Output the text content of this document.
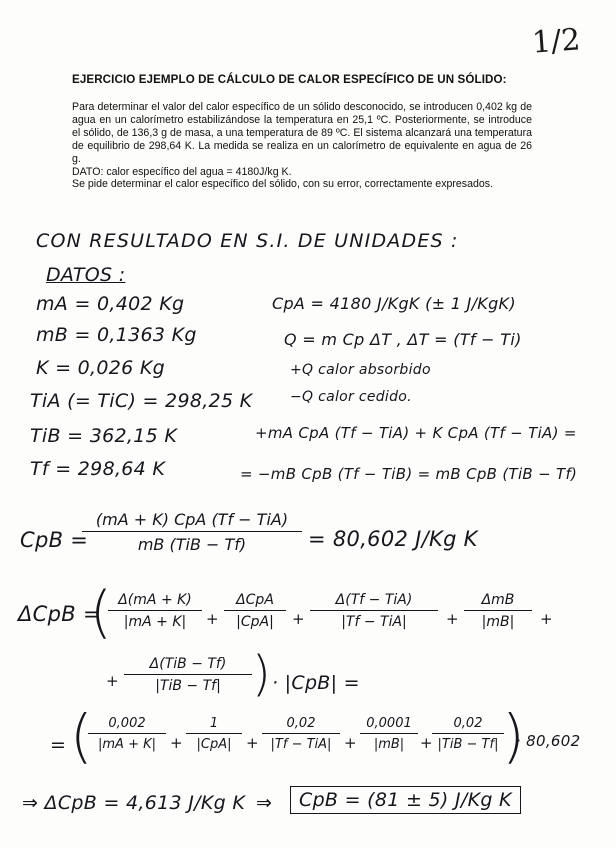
1/2
EJERCICIO EJEMPLO DE CÁLCULO DE CALOR ESPECÍFICO DE UN SÓLIDO:

Para determinar el valor del calor específico de un sólido desconocido, se introducen 0,402 kg de agua en un calorímetro estabilizándose la temperatura en 25,1 ºC. Posteriormente, se introduce el sólido, de 136,3 g de masa, a una temperatura de 89 ºC. El sistema alcanzará una temperatura de equilibrio de 298,64 K. La medida se realiza en un calorímetro de equivalente en agua de 26 g.

DATO: calor específico del agua = 4180J/kg K.

Se pide determinar el calor específico del sólido, con su error, correctamente expresados.

CON RESULTADO EN S.I. DE UNIDADES :
DATOS :
mA = 0,402 Kg
mB = 0,1363 Kg
K = 0,026 Kg
TiA (= TiC) = 298,25 K
TiB = 362,15 K
Tf = 298,64 K
CpA = 4180 J/KgK (± 1 J/KgK)
Q = m Cp ΔT , ΔT = (Tf − Ti)
+Q calor absorbido
−Q calor cedido.
+mA CpA (Tf − TiA) + K CpA (Tf − TiA) =
= −mB CpB (Tf − TiB) = mB CpB (TiB − Tf)
CpB =
(mA + K) CpA (Tf − TiA)
mB (TiB − Tf)	= 80,602 J/Kg K
ΔCpB =
(
$\frac{\Delta(mA + K)}{|mA + K|}$ +
ΔCpA
|CpA|	+
Δ(Tf − TiA)
|Tf − TiA|	+
ΔmB
|mB|	+
+
Δ(TiB − Tf)
|TiB − Tf| ) · |CpB| =
= (
$\frac{0,002}{|mA + K|}$ +
1
|CpA| +
0,02
$|Tf - TiA| + \frac{0,0001}{|mB|}$ +
0,02
|TiB − Tf| )
· 80,602
⇒ ΔCpB = 4,613 J/Kg K ⇒	CpB = (81 ± 5) J/Kg K
